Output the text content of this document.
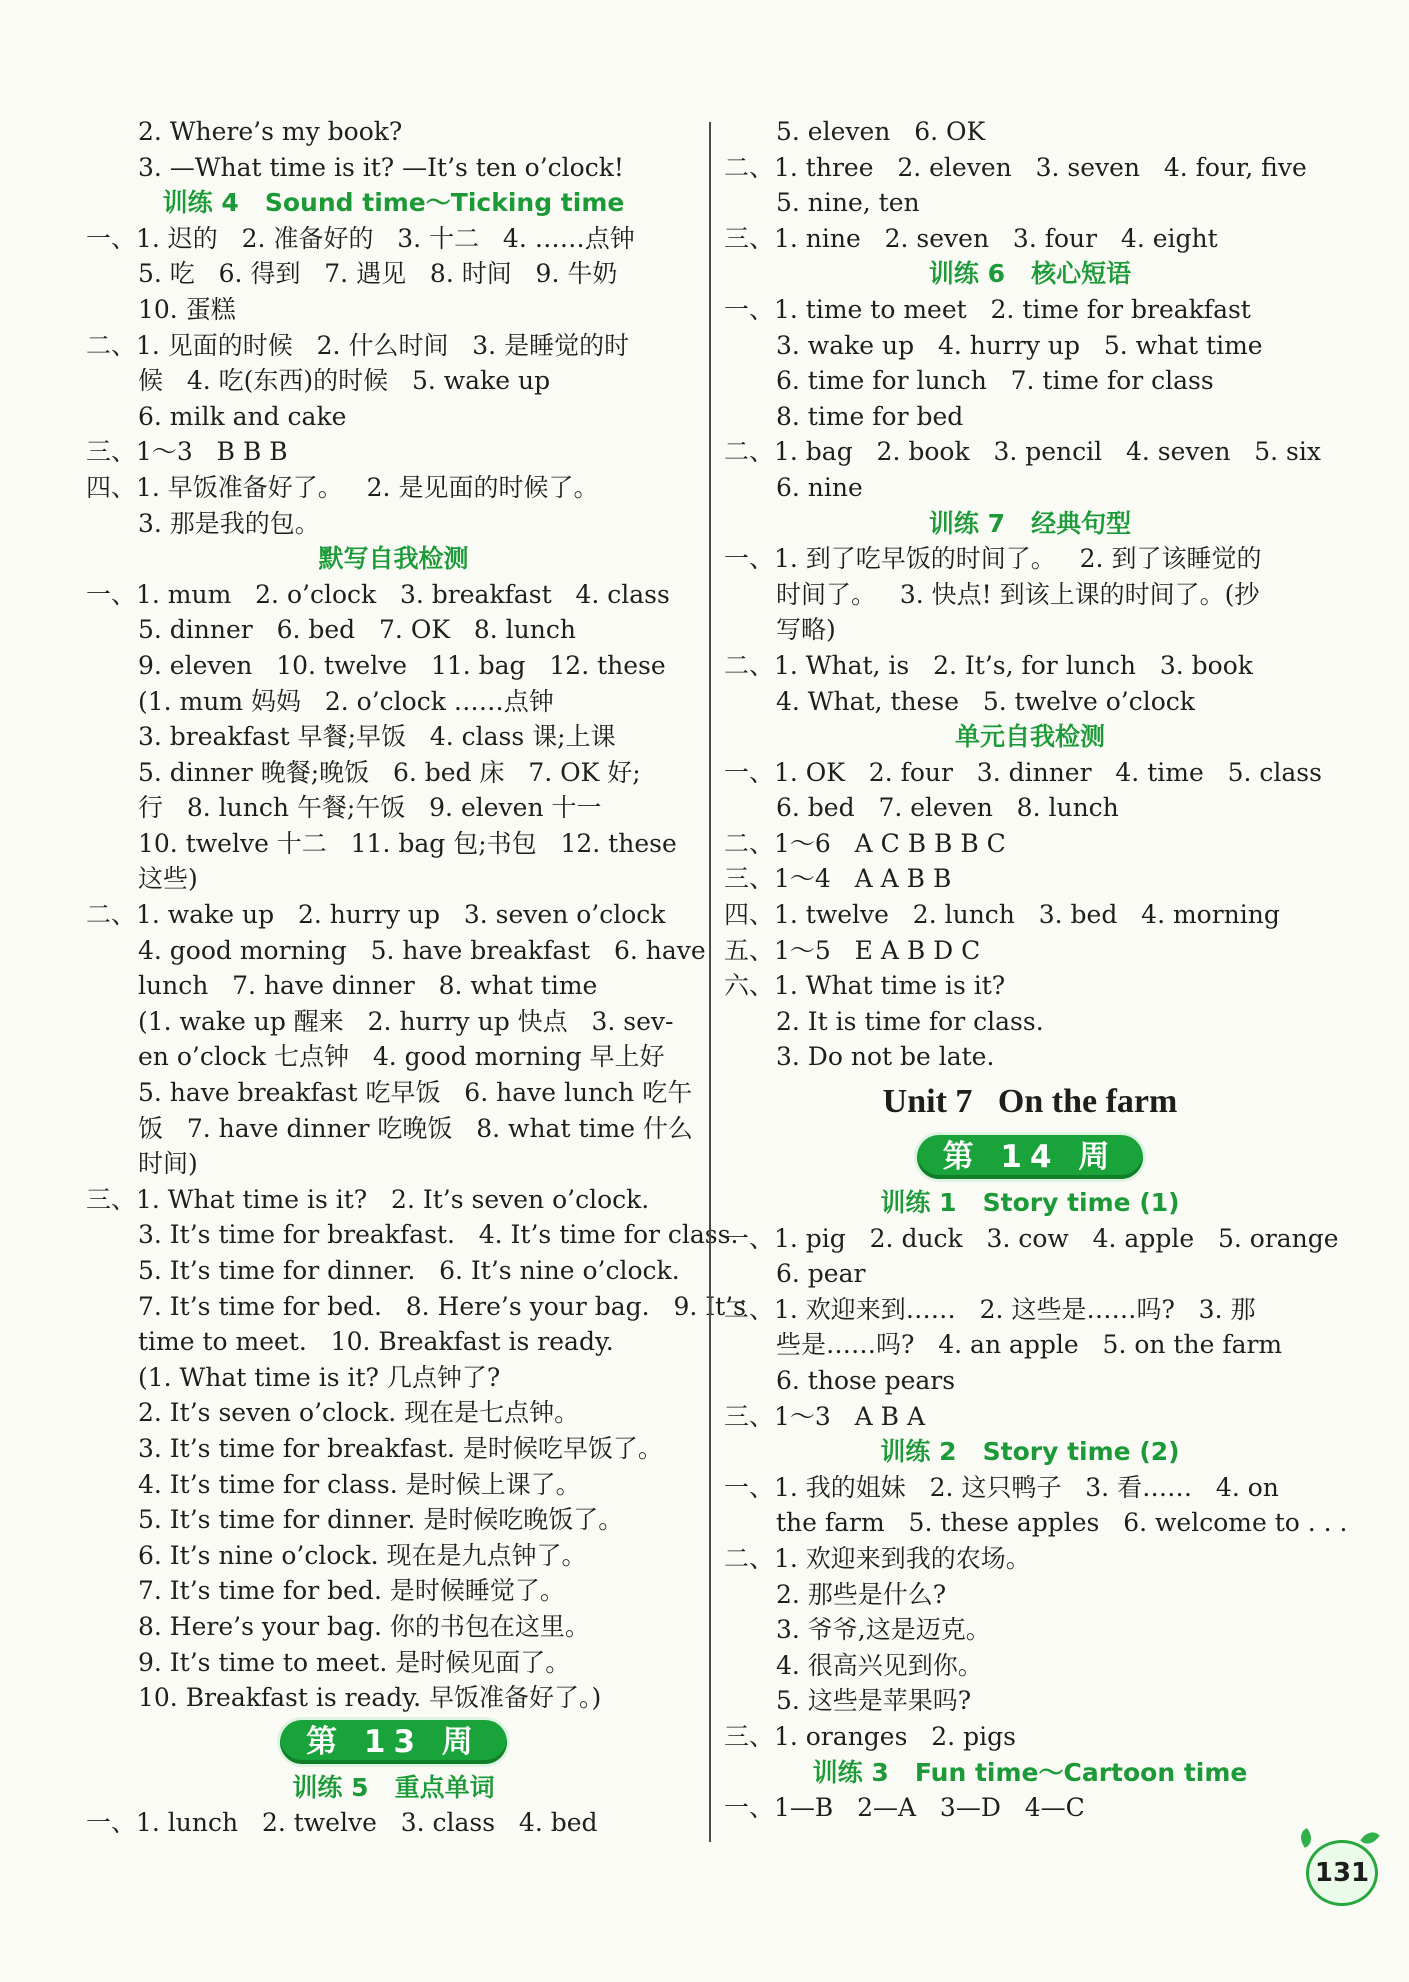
2. Where’s my book?
3. —What time is it? —It’s ten o’clock!
训练 4   Sound time～Ticking time
一、1. 迟的   2. 准备好的   3. 十二   4. ……点钟
5. 吃   6. 得到   7. 遇见   8. 时间   9. 牛奶
10. 蛋糕
二、1. 见面的时候   2. 什么时间   3. 是睡觉的时
候   4. 吃(东西)的时候   5. wake up
6. milk and cake
三、1～3   B B B
四、1. 早饭准备好了。   2. 是见面的时候了。
3. 那是我的包。
默写自我检测
一、1. mum   2. o’clock   3. breakfast   4. class
5. dinner   6. bed   7. OK   8. lunch
9. eleven   10. twelve   11. bag   12. these
(1. mum 妈妈   2. o’clock ……点钟
3. breakfast 早餐;早饭   4. class 课;上课
5. dinner 晚餐;晚饭   6. bed 床   7. OK 好;
行   8. lunch 午餐;午饭   9. eleven 十一
10. twelve 十二   11. bag 包;书包   12. these
这些)
二、1. wake up   2. hurry up   3. seven o’clock
4. good morning   5. have breakfast   6. have
lunch   7. have dinner   8. what time
(1. wake up 醒来   2. hurry up 快点   3. sev-
en o’clock 七点钟   4. good morning 早上好
5. have breakfast 吃早饭   6. have lunch 吃午
饭   7. have dinner 吃晚饭   8. what time 什么
时间)
三、1. What time is it?   2. It’s seven o’clock.
3. It’s time for breakfast.   4. It’s time for class.
5. It’s time for dinner.   6. It’s nine o’clock.
7. It’s time for bed.   8. Here’s your bag.   9. It’s
time to meet.   10. Breakfast is ready.
(1. What time is it? 几点钟了?
2. It’s seven o’clock. 现在是七点钟。
3. It’s time for breakfast. 是时候吃早饭了。
4. It’s time for class. 是时候上课了。
5. It’s time for dinner. 是时候吃晚饭了。
6. It’s nine o’clock. 现在是九点钟了。
7. It’s time for bed. 是时候睡觉了。
8. Here’s your bag. 你的书包在这里。
9. It’s time to meet. 是时候见面了。
10. Breakfast is ready. 早饭准备好了。)
第 13 周
训练 5   重点单词
一、1. lunch   2. twelve   3. class   4. bed
5. eleven   6. OK
二、1. three   2. eleven   3. seven   4. four, five
5. nine, ten
三、1. nine   2. seven   3. four   4. eight
训练 6   核心短语
一、1. time to meet   2. time for breakfast
3. wake up   4. hurry up   5. what time
6. time for lunch   7. time for class
8. time for bed
二、1. bag   2. book   3. pencil   4. seven   5. six
6. nine
训练 7   经典句型
一、1. 到了吃早饭的时间了。   2. 到了该睡觉的
时间了。   3. 快点! 到该上课的时间了。(抄
写略)
二、1. What, is   2. It’s, for lunch   3. book
4. What, these   5. twelve o’clock
单元自我检测
一、1. OK   2. four   3. dinner   4. time   5. class
6. bed   7. eleven   8. lunch
二、1～6   A C B B B C
三、1～4   A A B B
四、1. twelve   2. lunch   3. bed   4. morning
五、1～5   E A B D C
六、1. What time is it?
2. It is time for class.
3. Do not be late.
Unit 7   On the farm
第 14 周
训练 1   Story time (1)
一、1. pig   2. duck   3. cow   4. apple   5. orange
6. pear
二、1. 欢迎来到……   2. 这些是……吗?   3. 那
些是……吗?   4. an apple   5. on the farm
6. those pears
三、1～3   A B A
训练 2   Story time (2)
一、1. 我的姐妹   2. 这只鸭子   3. 看……   4. on
the farm   5. these apples   6. welcome to . . .
二、1. 欢迎来到我的农场。
2. 那些是什么?
3. 爷爷,这是迈克。
4. 很高兴见到你。
5. 这些是苹果吗?
三、1. oranges   2. pigs
训练 3   Fun time～Cartoon time
一、1—B   2—A   3—D   4—C
131
